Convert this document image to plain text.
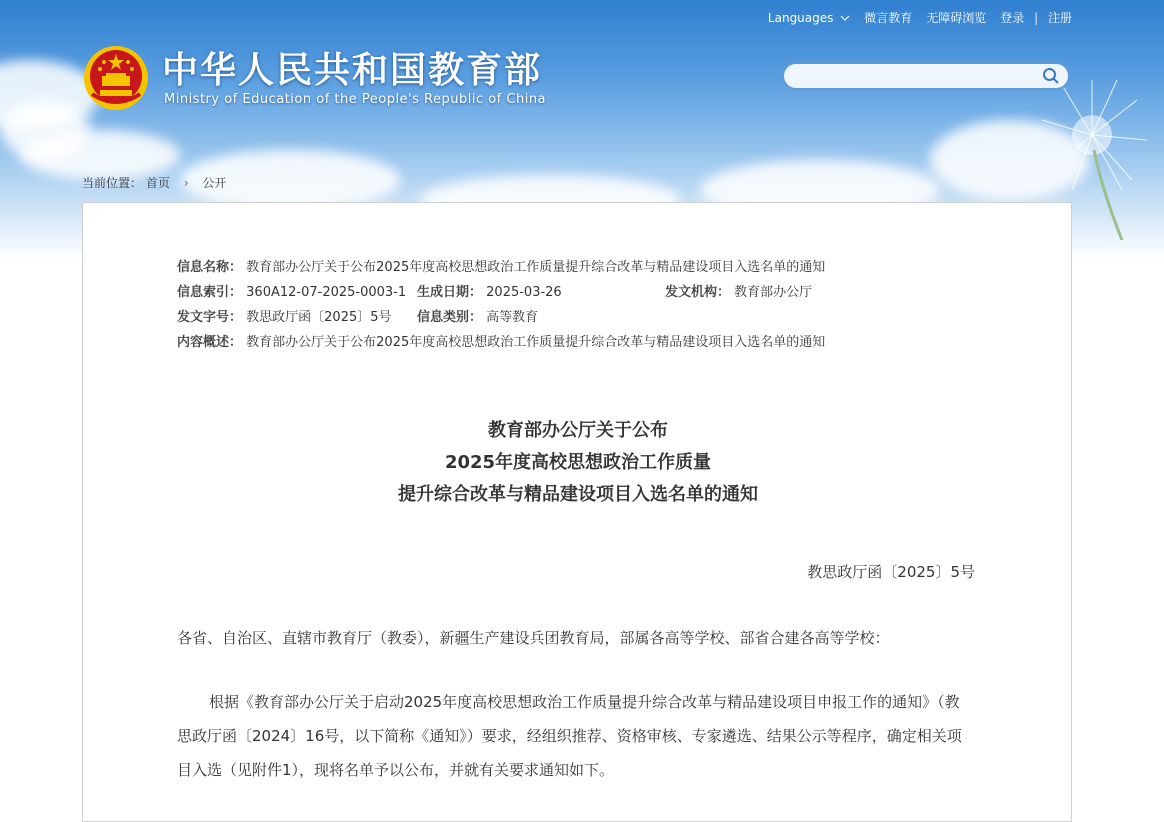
Languages	微言教育 无障碍浏览 登录 | 注册
中华人民共和国教育部
Ministry of Education of the People's Republic of China
当前位置： 首页 › 公开
信息名称： 教育部办公厅关于公布2025年度高校思想政治工作质量提升综合改革与精品建设项目入选名单的通知
信息索引： 360A12-07-2025-0003-1 生成日期： 2025-03-26	发文机构： 教育部办公厅
发文字号： 教思政厅函〔2025〕5号 信息类别： 高等教育
内容概述： 教育部办公厅关于公布2025年度高校思想政治工作质量提升综合改革与精品建设项目入选名单的通知
教育部办公厅关于公布
2025年度高校思想政治工作质量
提升综合改革与精品建设项目入选名单的通知
教思政厅函〔2025〕5号
各省、自治区、直辖市教育厅（教委），新疆生产建设兵团教育局，部属各高等学校、部省合建各高等学校：
根据《教育部办公厅关于启动2025年度高校思想政治工作质量提升综合改革与精品建设项目申报工作的通知》（教思政厅函〔2024〕16号，以下简称《通知》）要求，经组织推荐、资格审核、专家遴选、结果公示等程序，确定相关项目入选（见附件1），现将名单予以公布，并就有关要求通知如下。
